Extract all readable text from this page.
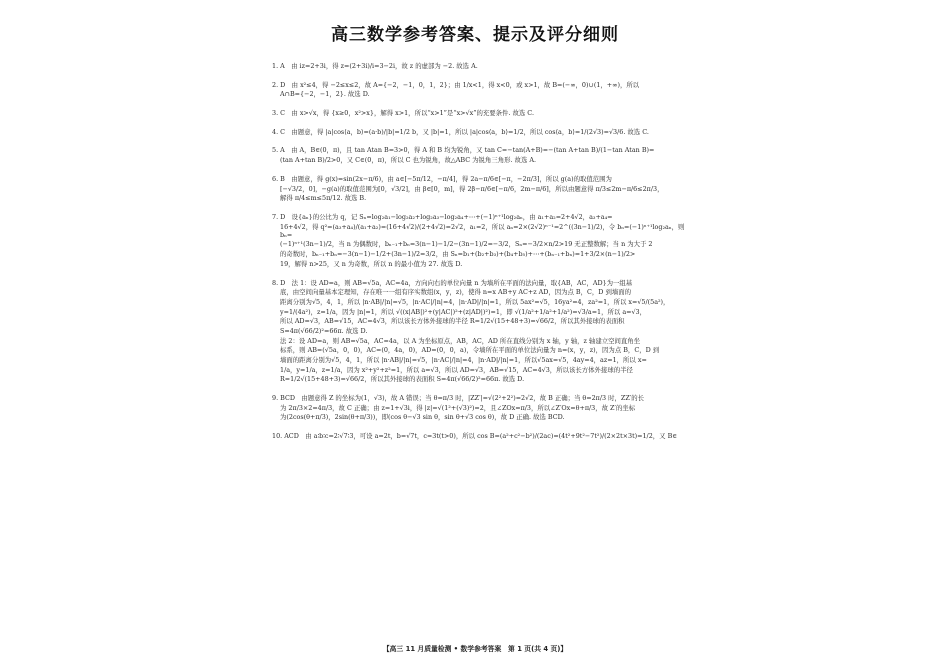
高三数学参考答案、提示及评分细则

1. A　由 iz=2+3i，得 z=(2+3i)/i=3−2i，故 z 的虚部为 −2. 故选 A.

2. D　由 x²≤4，得 −2≤x≤2，故 A={−2，−1，0，1，2}；由 1/x<1，得 x<0，或 x>1，故 B=(−∞，0)∪(1，+∞)，所以

A∩B={−2，−1，2}. 故选 D.

3. C　由 x>√x，得 {x≥0，x²>x}，解得 x>1，所以“x>1”是“x>√x”的充要条件. 故选 C.

4. C　由题意，得 |a|cos⟨a，b⟩=(a·b)/|b|=1/2 b，又 |b|=1，所以 |a|cos⟨a，b⟩=1/2，所以 cos⟨a，b⟩=1/(2√3)=√3/6. 故选 C.

5. A　由 A，B∈(0，π)，且 tan Atan B=3>0，得 A 和 B 均为锐角，又 tan C=−tan(A+B)=−(tan A+tan B)/(1−tan Atan B)=

(tan A+tan B)/2>0，又 C∈(0，π)，所以 C 也为锐角，故△ABC 为锐角三角形. 故选 A.

6. B　由题意，得 g(x)=sin(2x−π/6)，由 a∈[−5π/12，−π/4]，得 2a−π/6∈[−π，−2π/3]，所以 g(a)的取值范围为

[−√3/2，0]，−g(a)的取值范围为[0，√3/2]，由 β∈[0，m]，得 2β−π/6∈[−π/6，2m−π/6]，所以由题意得 π/3≤2m−π/6≤2π/3，

解得 π/4≤m≤5π/12. 故选 B.

7. D　设{aₙ}的公比为 q，记 Sₙ=log₂a₁−log₂a₂+log₂a₃−log₂a₄+⋯+(−1)ⁿ⁺¹log₂aₙ，由 a₁+a₂=2+4√2，a₃+a₄=

16+4√2，得 q²=(a₃+a₄)/(a₁+a₂)=(16+4√2)/(2+4√2)=2√2，a₁=2，所以 aₙ=2×(2√2)ⁿ⁻¹=2^((3n−1)/2)，令 bₙ=(−1)ⁿ⁺¹log₂aₙ，则 bₙ=

(−1)ⁿ⁺¹(3n−1)/2，当 n 为偶数时，bₙ₋₁+bₙ=3(n−1)−1/2−(3n−1)/2=−3/2，Sₙ=−3/2×n/2>19 无正整数解；当 n 为大于 2

的奇数时，bₙ₋₁+bₙ=−3(n−1)−1/2+(3n−1)/2=3/2，由 Sₙ=b₁+(b₂+b₃)+(b₄+b₅)+⋯+(bₙ₋₁+bₙ)=1+3/2×(n−1)/2>

19，解得 n>25，又 n 为奇数，所以 n 的最小值为 27. 故选 D.

8. D　法 1：设 AD=a，则 AB=√5a，AC=4a，方向向右的单位向量 n 为墙所在平面的法向量，取{AB，AC，AD}为一组基

底，由空间向量基本定理知，存在唯一一组有序实数组(x，y，z)，使得 n=x AB+y AC+z AD，因为点 B，C，D 到墙面的

距离分别为√5，4，1，所以 |n·AB|/|n|=√5，|n·AC|/|n|=4，|n·AD|/|n|=1，所以 5ax²=√5，16ya²=4，za²=1，所以 x=√5/(5a²)，

y=1/(4a²)，z=1/a，因为 |n|=1，所以 √((x|AB|)²+(y|AC|)²+(z|AD|)²)=1，即 √(1/a²+1/a²+1/a²)=√3/a=1，所以 a=√3，

所以 AD=√3，AB=√15，AC=4√3，所以该长方体外接球的半径 R=1/2√(15+48+3)=√66/2，所以其外接球的表面积

S=4π(√66/2)²=66π. 故选 D.

法 2：设 AD=a，则 AB=√5a，AC=4a，以 A 为坐标原点，AB，AC，AD 所在直线分别为 x 轴，y 轴，z 轴建立空间直角坐

标系，则 AB=(√5a，0，0)，AC=(0，4a，0)，AD=(0，0，a)，令墙所在平面的单位法向量为 n=(x，y，z)，因为点 B，C，D 到

墙面的距离分别为√5，4，1，所以 |n·AB|/|n|=√5，|n·AC|/|n|=4，|n·AD|/|n|=1，所以√5ax=√5，4ay=4，az=1，所以 x=

1/a，y=1/a，z=1/a，因为 x²+y²+z²=1，所以 a=√3，所以 AD=√3，AB=√15，AC=4√3，所以该长方体外接球的半径

R=1/2√(15+48+3)=√66/2，所以其外接球的表面积 S=4π(√66/2)²=66π. 故选 D.

9. BCD　由题意得 Z 的坐标为(1，√3)，故 A 错误；当 θ=π/3 时，|ZZ′|=√(2²+2²)=2√2，故 B 正确；当 θ=2π/3 时，ZZ′的长

为 2π/3×2=4π/3，故 C 正确；由 z=1+√3i，得 |z|=√(1²+(√3)²)=2，且∠ZOx=π/3，所以∠Z′Ox=θ+π/3，故 Z′的坐标

为(2cos(θ+π/3)，2sin(θ+π/3))，即(cos θ−√3 sin θ，sin θ+√3 cos θ)，故 D 正确. 故选 BCD.

10. ACD　由 a∶b∶c=2∶√7∶3，可设 a=2t，b=√7t，c=3t(t>0)，所以 cos B=(a²+c²−b²)/(2ac)=(4t²+9t²−7t²)/(2×2t×3t)=1/2，又 B∈

【高三 11 月质量检测 • 数学参考答案　第 1 页(共 4 页)】
